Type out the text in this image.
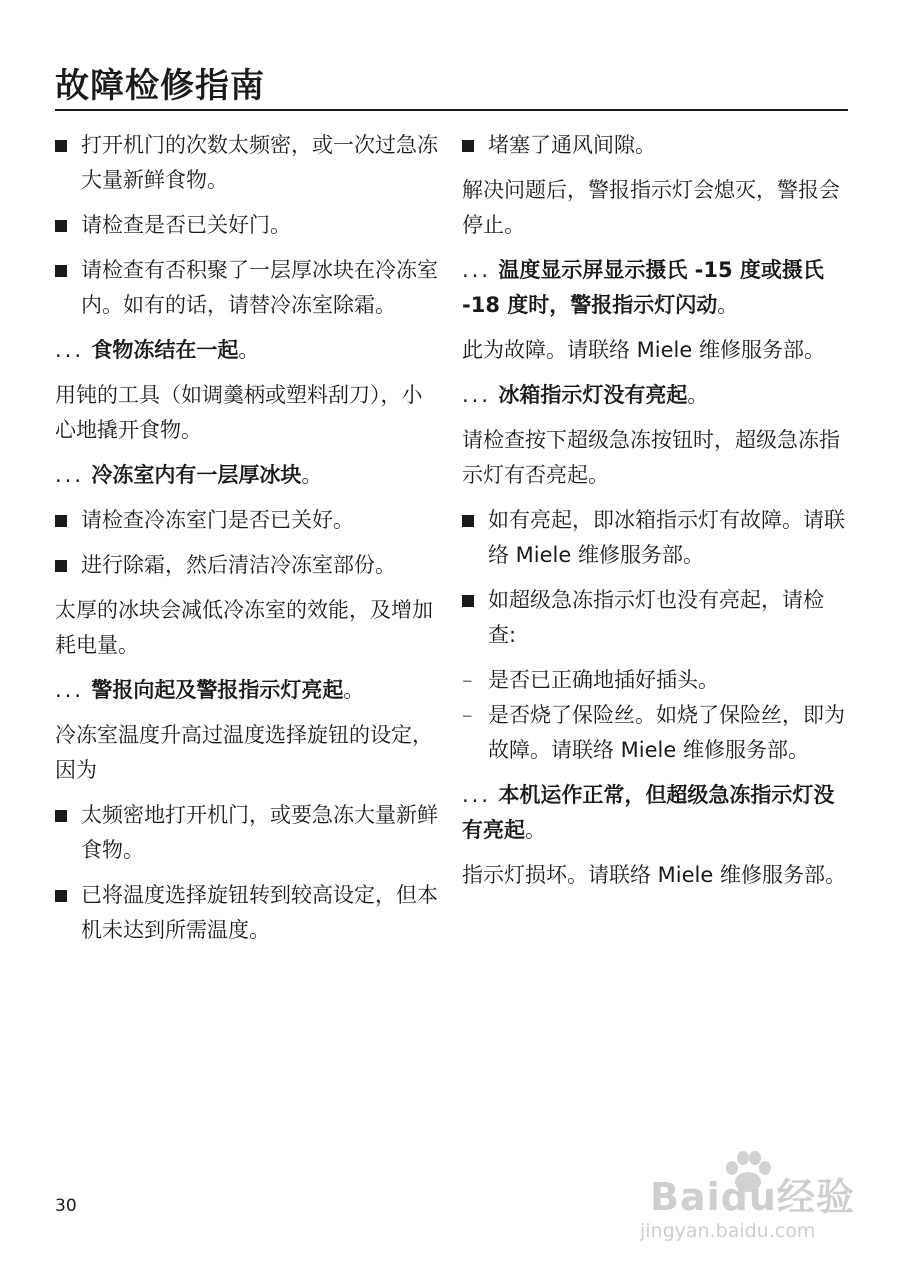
故障检修指南
打开机门的次数太频密，或一次过急冻大量新鲜食物。
请检查是否已关好门。
请检查有否积聚了一层厚冰块在冷冻室内。如有的话，请替冷冻室除霜。
... 食物冻结在一起。
用钝的工具（如调羹柄或塑料刮刀），小心地撬开食物。
... 冷冻室内有一层厚冰块。
请检查冷冻室门是否已关好。
进行除霜，然后清洁冷冻室部份。
太厚的冰块会减低冷冻室的效能，及增加耗电量。
... 警报向起及警报指示灯亮起。
冷冻室温度升高过温度选择旋钮的设定，因为
太频密地打开机门，或要急冻大量新鲜食物。
已将温度选择旋钮转到较高设定，但本机未达到所需温度。
堵塞了通风间隙。
解决问题后，警报指示灯会熄灭，警报会停止。
... 温度显示屏显示摄氏 -15 度或摄氏 -18 度时，警报指示灯闪动。
此为故障。请联络 Miele 维修服务部。
... 冰箱指示灯没有亮起。
请检查按下超级急冻按钮时，超级急冻指示灯有否亮起。
如有亮起，即冰箱指示灯有故障。请联络 Miele 维修服务部。
如超级急冻指示灯也没有亮起，请检查:
– 是否已正确地插好插头。
– 是否烧了保险丝。如烧了保险丝，即为故障。请联络 Miele 维修服务部。
... 本机运作正常，但超级急冻指示灯没有亮起。
指示灯损坏。请联络 Miele 维修服务部。
30	Baidu经验
jingyan.baidu.com
